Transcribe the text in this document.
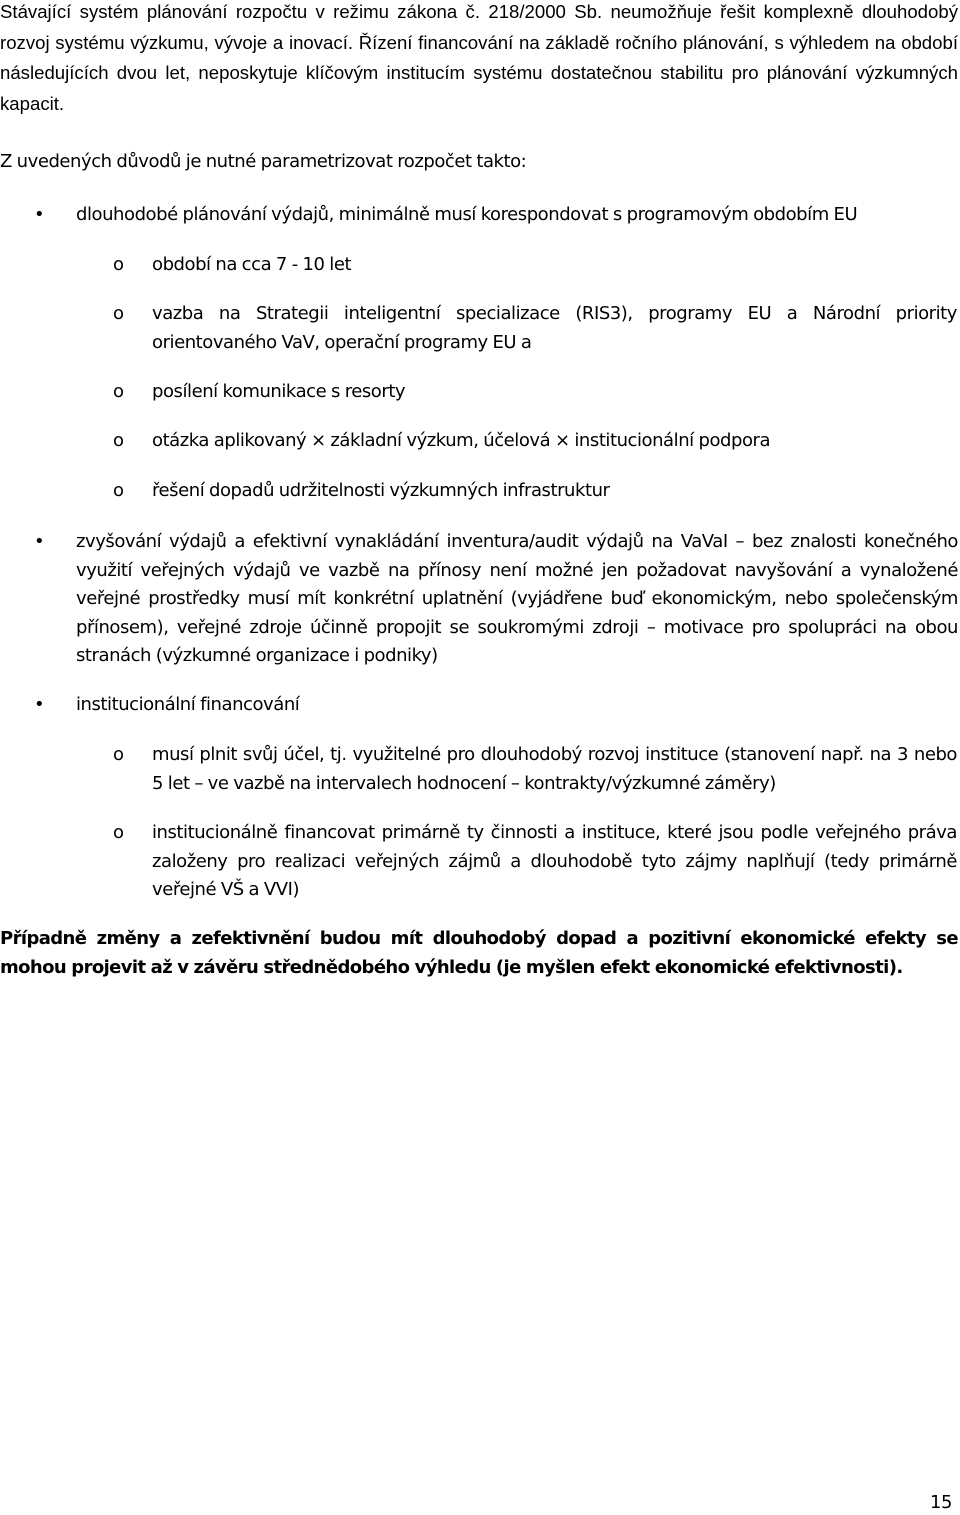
Stávající systém plánování rozpočtu v režimu zákona č. 218/2000 Sb. neumožňuje řešit komplexně dlouhodobý rozvoj systému výzkumu, vývoje a inovací. Řízení financování na základě ročního plánování, s výhledem na období následujících dvou let, neposkytuje klíčovým institucím systému dostatečnou stabilitu pro plánování výzkumných kapacit.

Z uvedených důvodů je nutné parametrizovat rozpočet takto:

• dlouhodobé plánování výdajů, minimálně musí korespondovat s programovým obdobím EU

o období na cca 7 - 10 let

o vazba na Strategii inteligentní specializace (RIS3), programy EU a Národní priority orientovaného VaV, operační programy EU a

o posílení komunikace s resorty

o otázka aplikovaný × základní výzkum, účelová × institucionální podpora

o řešení dopadů udržitelnosti výzkumných infrastruktur

• zvyšování výdajů a efektivní vynakládání inventura/audit výdajů na VaVaI – bez znalosti konečného využití veřejných výdajů ve vazbě na přínosy není možné jen požadovat navyšování a vynaložené veřejné prostředky musí mít konkrétní uplatnění (vyjádřene buď ekonomickým, nebo společenským přínosem), veřejné zdroje účinně propojit se soukromými zdroji – motivace pro spolupráci na obou stranách (výzkumné organizace i podniky)

• institucionální financování

o musí plnit svůj účel, tj. využitelné pro dlouhodobý rozvoj instituce (stanovení např. na 3 nebo 5 let – ve vazbě na intervalech hodnocení – kontrakty/výzkumné záměry)

o institucionálně financovat primárně ty činnosti a instituce, které jsou podle veřejného práva založeny pro realizaci veřejných zájmů a dlouhodobě tyto zájmy naplňují (tedy primárně veřejné VŠ a VVI)

Případně změny a zefektivnění budou mít dlouhodobý dopad a pozitivní ekonomické efekty se mohou projevit až v závěru střednědobého výhledu (je myšlen efekt ekonomické efektivnosti).

15
